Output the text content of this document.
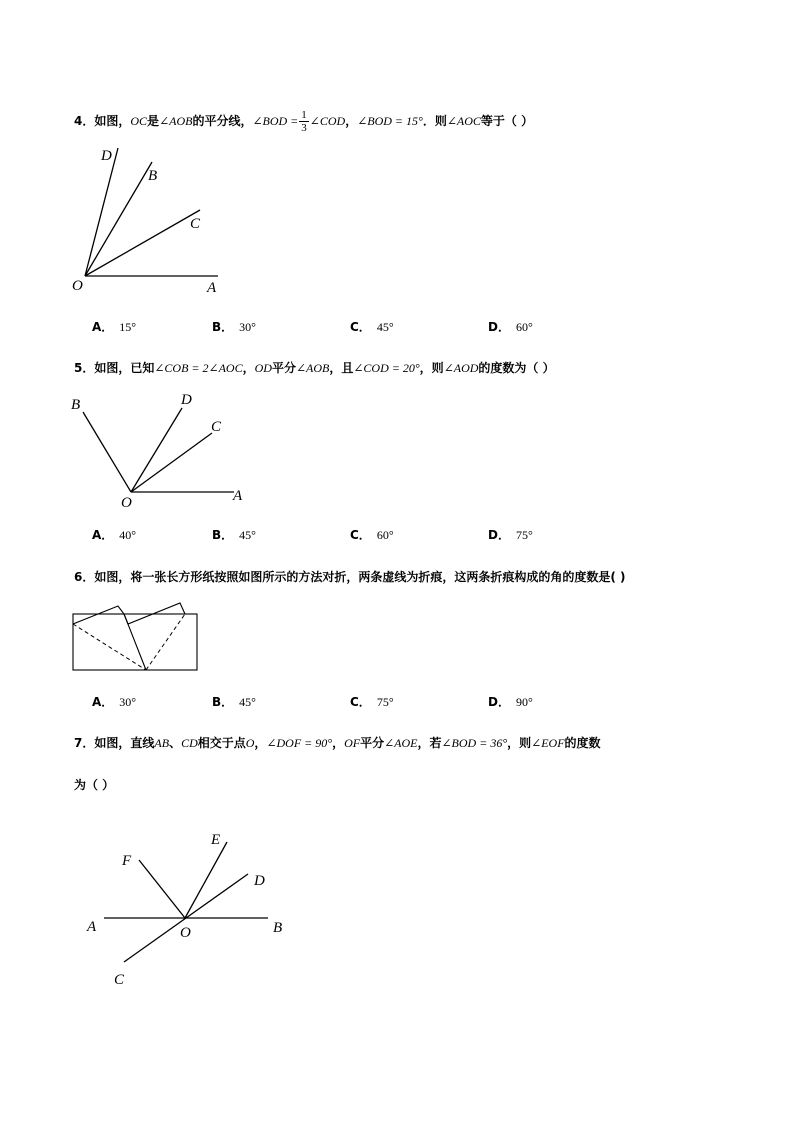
4．如图，OC是∠AOB的平分线，∠BOD = $\frac{1}{3}$ ∠COD，∠BOD = 15°．则∠AOC等于（ ）
D
B
C
O	A
A． 15°	B． 30°	C． 45°	D． 60°
5．如图，已知∠COB = 2∠AOC，OD平分∠AOB，且∠COD = 20°，则∠AOD的度数为（ ）
B	D
C
O	A
A． 40°	B． 45°	C． 60°	D． 75°
6．如图，将一张长方形纸按照如图所示的方法对折，两条虚线为折痕，这两条折痕构成的角的度数是( )
A． 30°	B． 45°	C． 75°	D． 90°
7．如图，直线AB、CD相交于点O，∠DOF = 90°，OF平分∠AOE，若∠BOD = 36°，则∠EOF的度数
为（ ）
E
F
D
A	O	B
C
